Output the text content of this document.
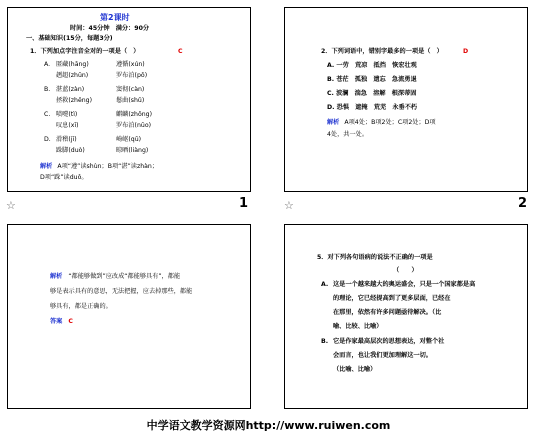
第2课时
时间：45分钟　满分：90分
一、基础知识(15分，每题3分)
1．下列加点字注音全对的一项是（　）	C
A. 匿藏(hāng)	遵循(xún)
趔趄(zhūn)	罗布泊(pō)
B. 湛蓝(zàn)	窦彻(càn)
拯救(zhěng)	鬈曲(shǔ)
C. 喷嚏(tì)	麒麟(zhōng)
叹息(xī)	罗布泊(nūo)
D. 滑稽(jī)	崎岖(qū)
跺脚(duò)	晾晒(liàng)
解析 A项“遵”读shùn；B项“湛”读zhàn；
D项“跺”读duǒ。
2．下列词语中，错别字最多的一项是（　）	D
A. 一劳　荒凉　抵挡　恢宏壮观
B. 苍茫　孤独　遗忘　急流勇退
C. 波澜　湍急　溶解　根深蒂固
D. 恐惧　遮掩　荒芜　永垂不朽
解析 A项4处；B项2处；C项2处；D项
4处，共一处。
☆	1	☆	2
解析 “都能够做到”应改成“都能够具有”，都能
够是表示具有的意思，无法把握，应去掉那些，都能
够具有，都是正确的。
答案 C
5．对下列各句语病的说法不正确的一项是
（　　）
A. 这是一个越来越大的奥运盛会，只是一个国家都是高
的理论，它已经提高到了更多层面，已经在
在那里，依然有许多问题亟待解决。（比
喻、比较、比喻）
B. 它是作家最高层次的思想表达，对整个社
会而言，也让我们更加理解这一切。
（比喻、比喻）
中学语文教学资源网http://www.ruiwen.com
